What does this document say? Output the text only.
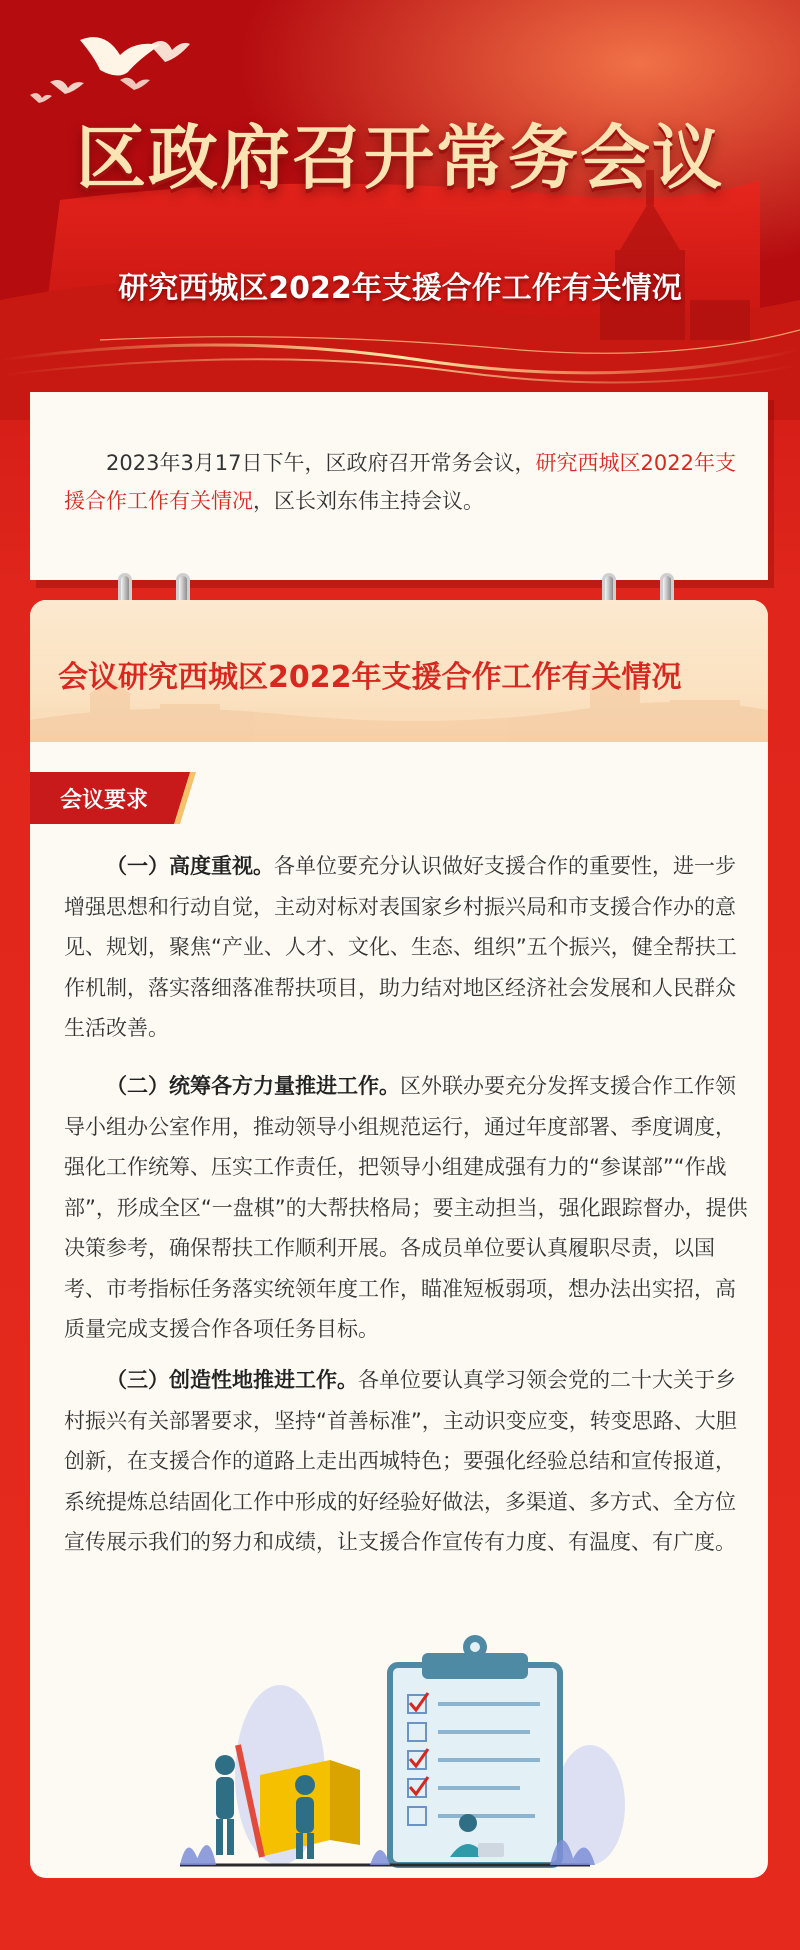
区政府召开常务会议
研究西城区2022年支援合作工作有关情况
2023年3月17日下午，区政府召开常务会议，研究西城区2022年支援合作工作有关情况，区长刘东伟主持会议。
会议研究西城区2022年支援合作工作有关情况
会议要求
（一）高度重视。各单位要充分认识做好支援合作的重要性，进一步增强思想和行动自觉，主动对标对表国家乡村振兴局和市支援合作办的意见、规划，聚焦“产业、人才、文化、生态、组织”五个振兴，健全帮扶工作机制，落实落细落准帮扶项目，助力结对地区经济社会发展和人民群众生活改善。
（二）统筹各方力量推进工作。区外联办要充分发挥支援合作工作领导小组办公室作用，推动领导小组规范运行，通过年度部署、季度调度，强化工作统筹、压实工作责任，把领导小组建成强有力的“参谋部”“作战部”，形成全区“一盘棋”的大帮扶格局；要主动担当，强化跟踪督办，提供决策参考，确保帮扶工作顺利开展。各成员单位要认真履职尽责，以国考、市考指标任务落实统领年度工作，瞄准短板弱项，想办法出实招，高质量完成支援合作各项任务目标。
（三）创造性地推进工作。各单位要认真学习领会党的二十大关于乡村振兴有关部署要求，坚持“首善标准”，主动识变应变，转变思路、大胆创新，在支援合作的道路上走出西城特色；要强化经验总结和宣传报道，系统提炼总结固化工作中形成的好经验好做法，多渠道、多方式、全方位宣传展示我们的努力和成绩，让支援合作宣传有力度、有温度、有广度。
